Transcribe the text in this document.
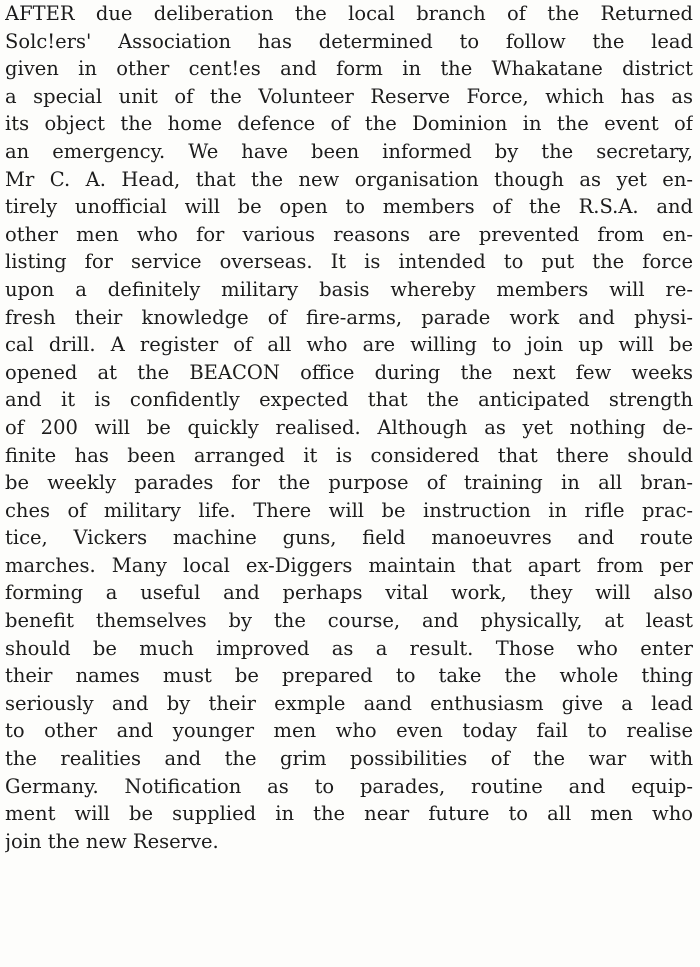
AFTER due deliberation the local branch of the Returned
Solc!ers' Association has determined to follow the lead
given in other cent!es and form in the Whakatane district
a special unit of the Volunteer Reserve Force, which has as
its object the home defence of the Dominion in the event of
an emergency. We have been informed by the secretary,
Mr C. A. Head, that the new organisation though as yet en-
tirely unofficial will be open to members of the R.S.A. and
other men who for various reasons are prevented from en-
listing for service overseas. It is intended to put the force
upon a definitely military basis whereby members will re-
fresh their knowledge of fire-arms, parade work and physi-
cal drill. A register of all who are willing to join up will be
opened at the BEACON office during the next few weeks
and it is confidently expected that the anticipated strength
of 200 will be quickly realised. Although as yet nothing de-
finite has been arranged it is considered that there should
be weekly parades for the purpose of training in all bran-
ches of military life. There will be instruction in rifle prac-
tice, Vickers machine guns, field manoeuvres and route
marches. Many local ex-Diggers maintain that apart from per
forming a useful and perhaps vital work, they will also
benefit themselves by the course, and physically, at least
should be much improved as a result. Those who enter
their names must be prepared to take the whole thing
seriously and by their exmple aand enthusiasm give a lead
to other and younger men who even today fail to realise
the realities and the grim possibilities of the war with
Germany. Notification as to parades, routine and equip-
ment will be supplied in the near future to all men who
join the new Reserve.
